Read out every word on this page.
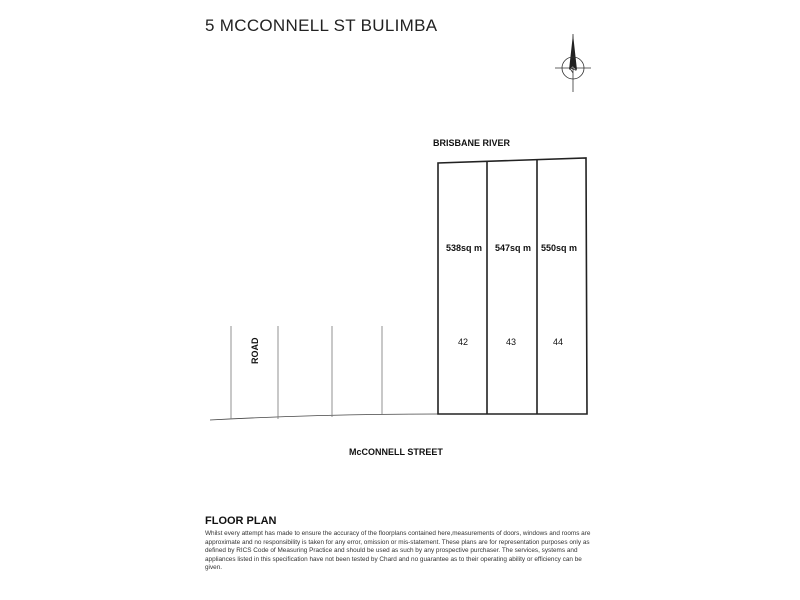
5 MCCONNELL ST BULIMBA
N
BRISBANE RIVER
McCONNELL STREET
ROAD
538sq m 547sq m 550sq m
42	43	44
FLOOR PLAN
Whilst every attempt has made to ensure the accuracy of the floorplans contained here,measurements of doors, windows and rooms are approximate and no responsibility is taken for any error, omission or mis-statement. These plans are for representation purposes only as defined by RICS Code of Measuring Practice and should be used as such by any prospective purchaser. The services, systems and appliances listed in this specification have not been tested by Chard and no guarantee as to their operating ability or efficiency can be given.
